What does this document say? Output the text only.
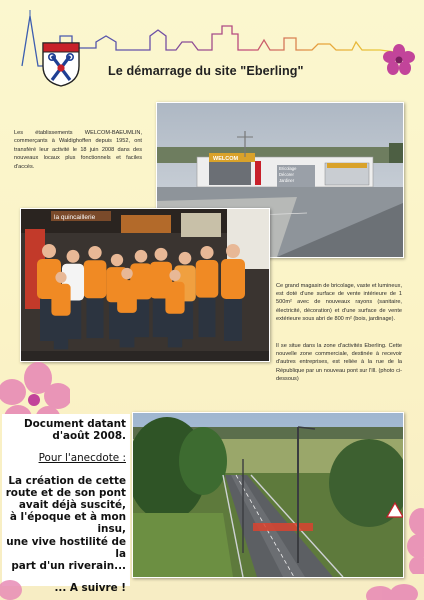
Le démarrage du site "Eberling"
Les établissements WELCOM-BAEUMLIN, commerçants à Waldighoffen depuis 1952, ont transféré leur activité le 18 juin 2008 dans des nouveaux locaux plus fonctionnels et faciles d'accès.
WELCOM
Bricolage
Décorer
Jardiner
la quincaillerie
Ce grand magasin de bricolage, vaste et lumineux, est doté d'une surface de vente intérieure de 1 500m² avec de nouveaux rayons (sanitaire, électricité, décoration) et d'une surface de vente extérieure sous abri de 800 m² (bois, jardinage).
Il se situe dans la zone d'activités Eberling. Cette nouvelle zone commerciale, destinée à recevoir d'autres entreprises, est reliée à la rue de la République par un nouveau pont sur l'Ill. (photo ci-dessous)
Document datant
d'août 2008.
Pour l'anecdote :
La création de cette
route et de son pont
avait déjà suscité,
à l'époque et à mon insu,
une vive hostilité de la
part d'un riverain...
... A suivre !
